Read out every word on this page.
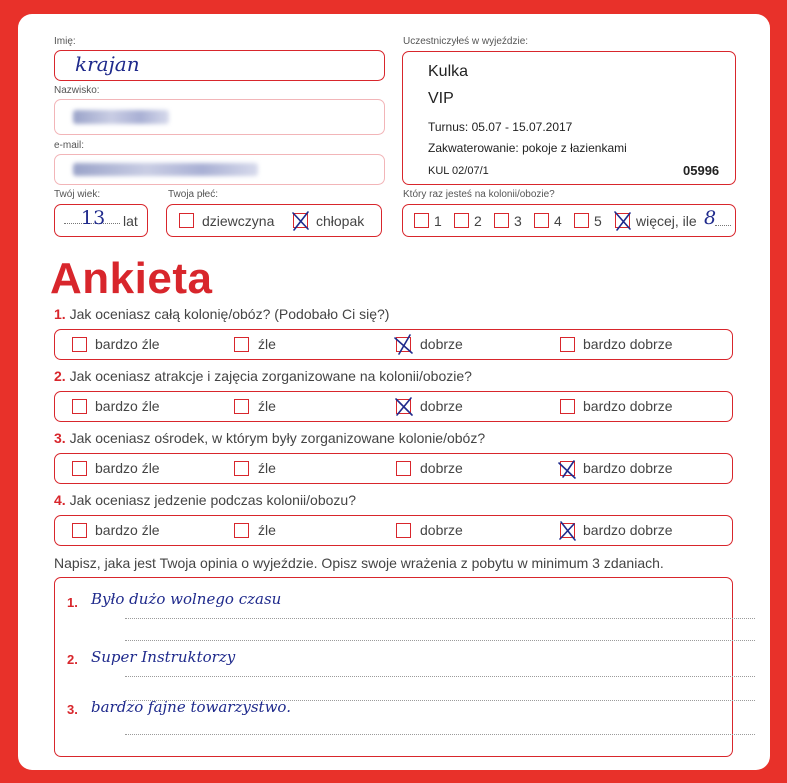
Imię:
krajan
Nazwisko:
e-mail:
Twój wiek:
13 lat
Twoja płeć:
dziewczyna	chłopak
Uczestniczyłeś w wyjeździe:
Kulka
VIP
Turnus: 05.07 - 15.07.2017
Zakwaterowanie: pokoje z łazienkami
KUL 02/07/1	05996
Który raz jesteś na kolonii/obozie?
1 2 3 4 5 więcej, ile 8
Ankieta
1. Jak oceniasz całą kolonię/obóz? (Podobało Ci się?)
bardzo źle	źle	dobrze	bardzo dobrze
2. Jak oceniasz atrakcje i zajęcia zorganizowane na kolonii/obozie?
bardzo źle	źle	dobrze	bardzo dobrze
3. Jak oceniasz ośrodek, w którym były zorganizowane kolonie/obóz?
bardzo źle	źle	dobrze	bardzo dobrze
4. Jak oceniasz jedzenie podczas kolonii/obozu?
bardzo źle	źle	dobrze	bardzo dobrze
Napisz, jaka jest Twoja opinia o wyjeździe. Opisz swoje wrażenia z pobytu w minimum 3 zdaniach.
1. Było dużo wolnego czasu
2. Super Instruktorzy
3. bardzo fajne towarzystwo.
